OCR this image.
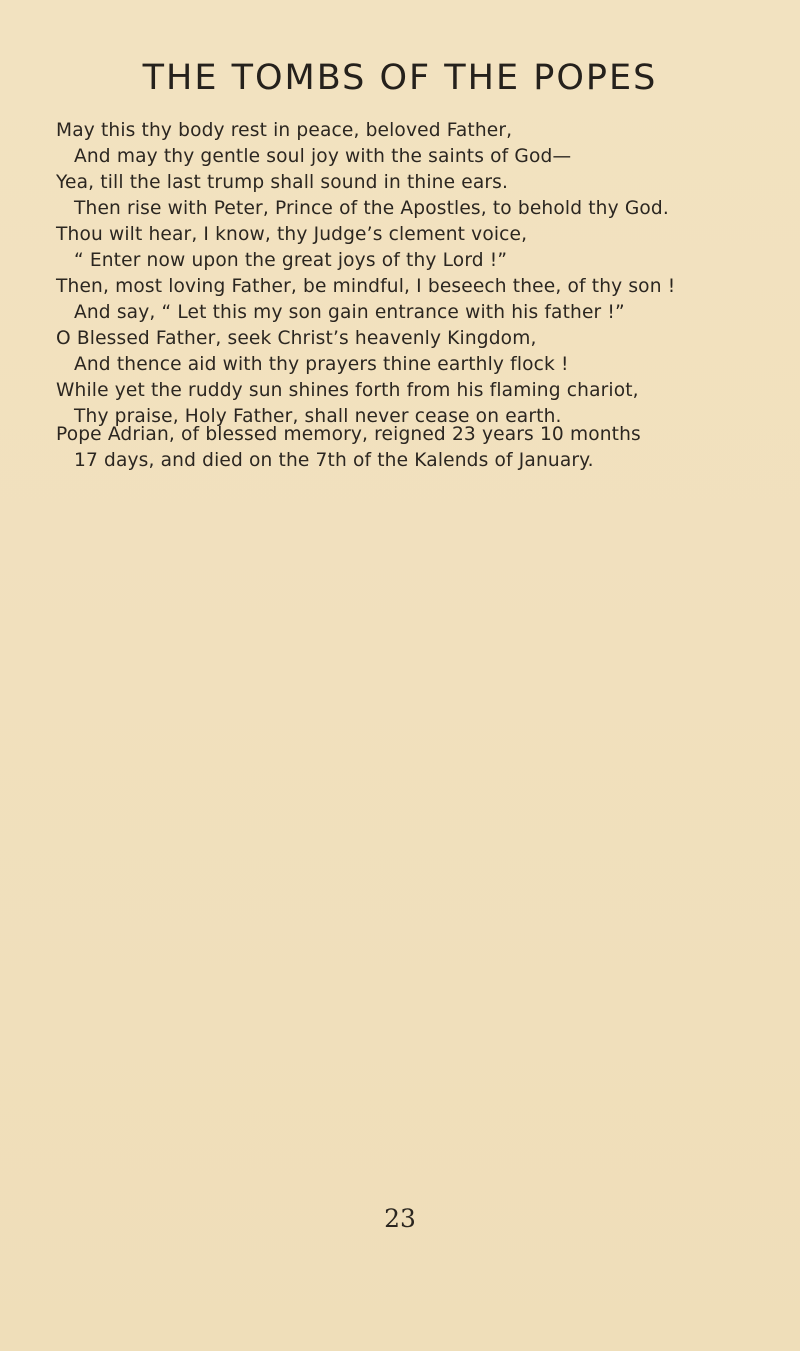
THE TOMBS OF THE POPES
May this thy body rest in peace, beloved Father,
And may thy gentle soul joy with the saints of God—
Yea, till the last trump shall sound in thine ears.
Then rise with Peter, Prince of the Apostles, to behold thy God.
Thou wilt hear, I know, thy Judge’s clement voice,
“ Enter now upon the great joys of thy Lord !”
Then, most loving Father, be mindful, I beseech thee, of thy son !
And say, “ Let this my son gain entrance with his father !”
O Blessed Father, seek Christ’s heavenly Kingdom,
And thence aid with thy prayers thine earthly flock !
While yet the ruddy sun shines forth from his flaming chariot,
Thy praise, Holy Father, shall never cease on earth.
Pope Adrian, of blessed memory, reigned 23 years 10 months
17 days, and died on the 7th of the Kalends of January.
23
